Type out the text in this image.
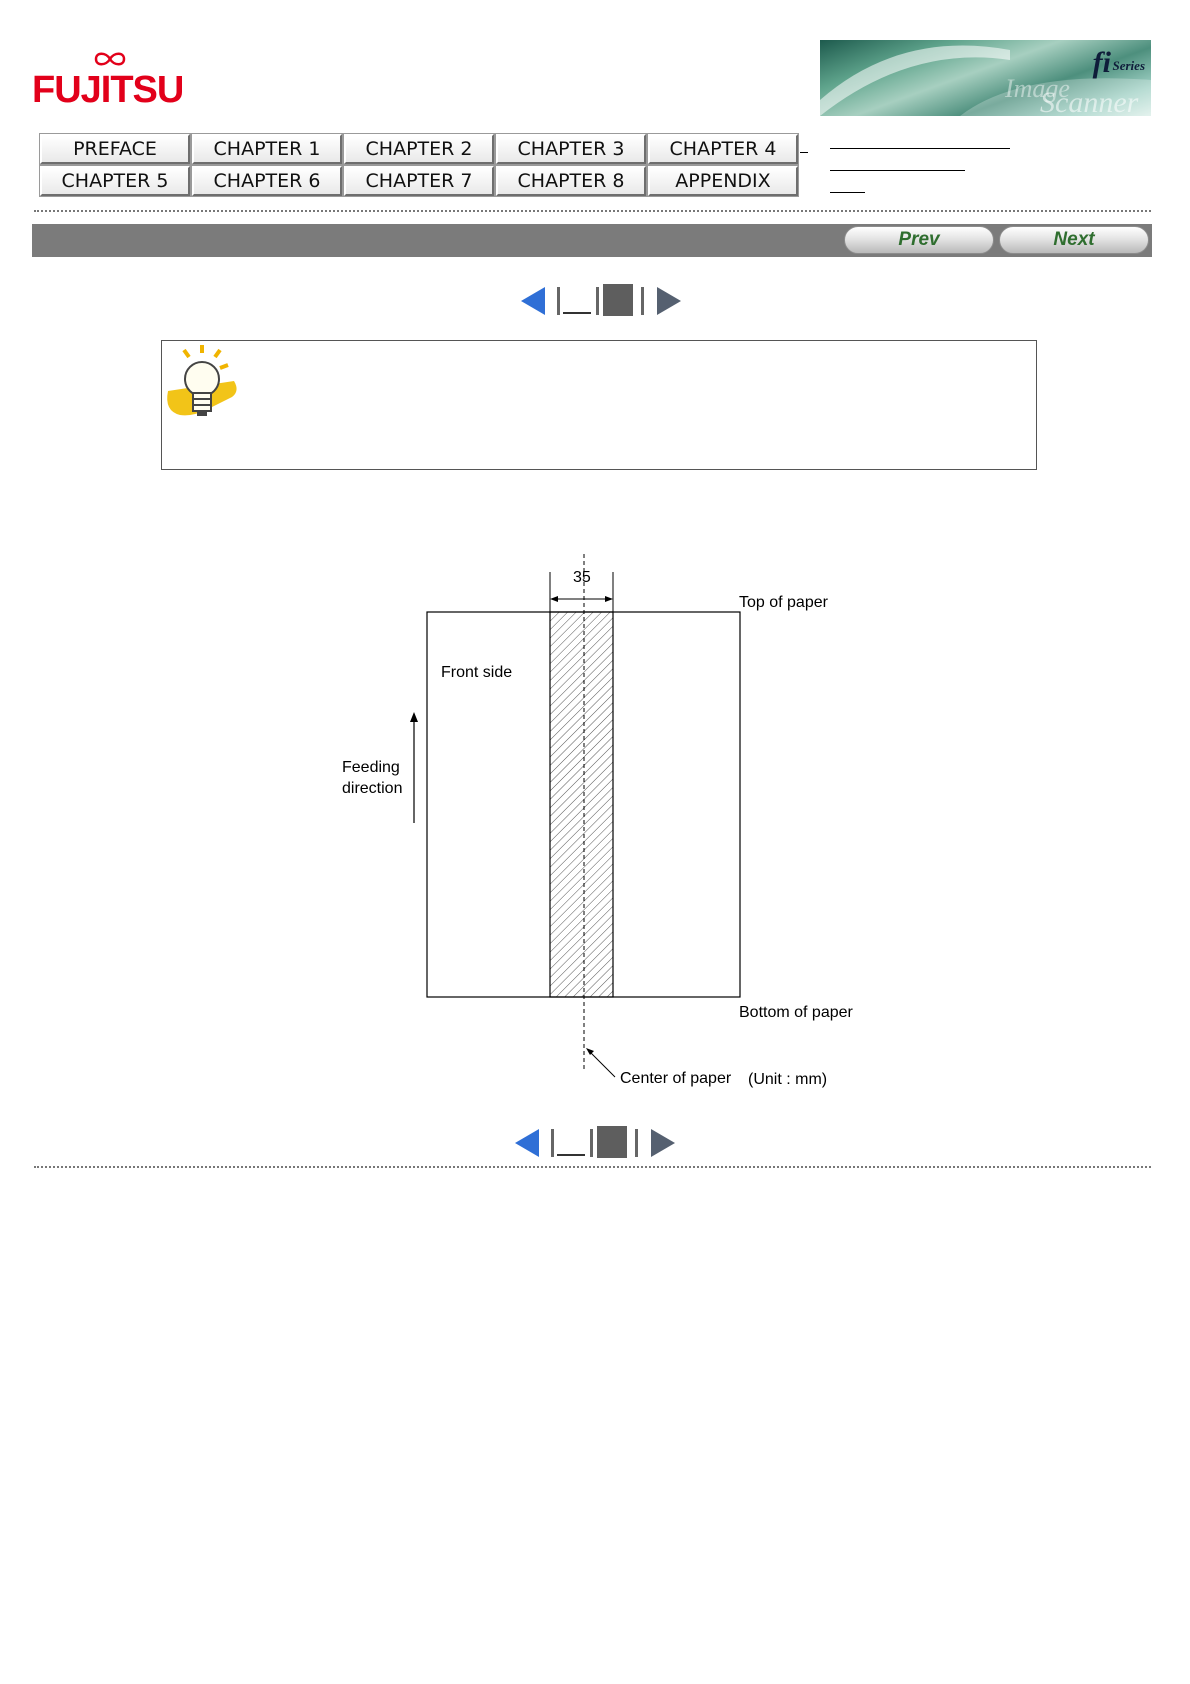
FUJITSU
fi Series
Image
Scanner
PREFACE	CHAPTER 1	CHAPTER 2	CHAPTER 3	CHAPTER 4
CHAPTER 5	CHAPTER 6	CHAPTER 7	CHAPTER 8	APPENDIX
Prev	Next
35
Top of paper
Front side
Feeding
direction
Bottom of paper
Center of paper (Unit : mm)
